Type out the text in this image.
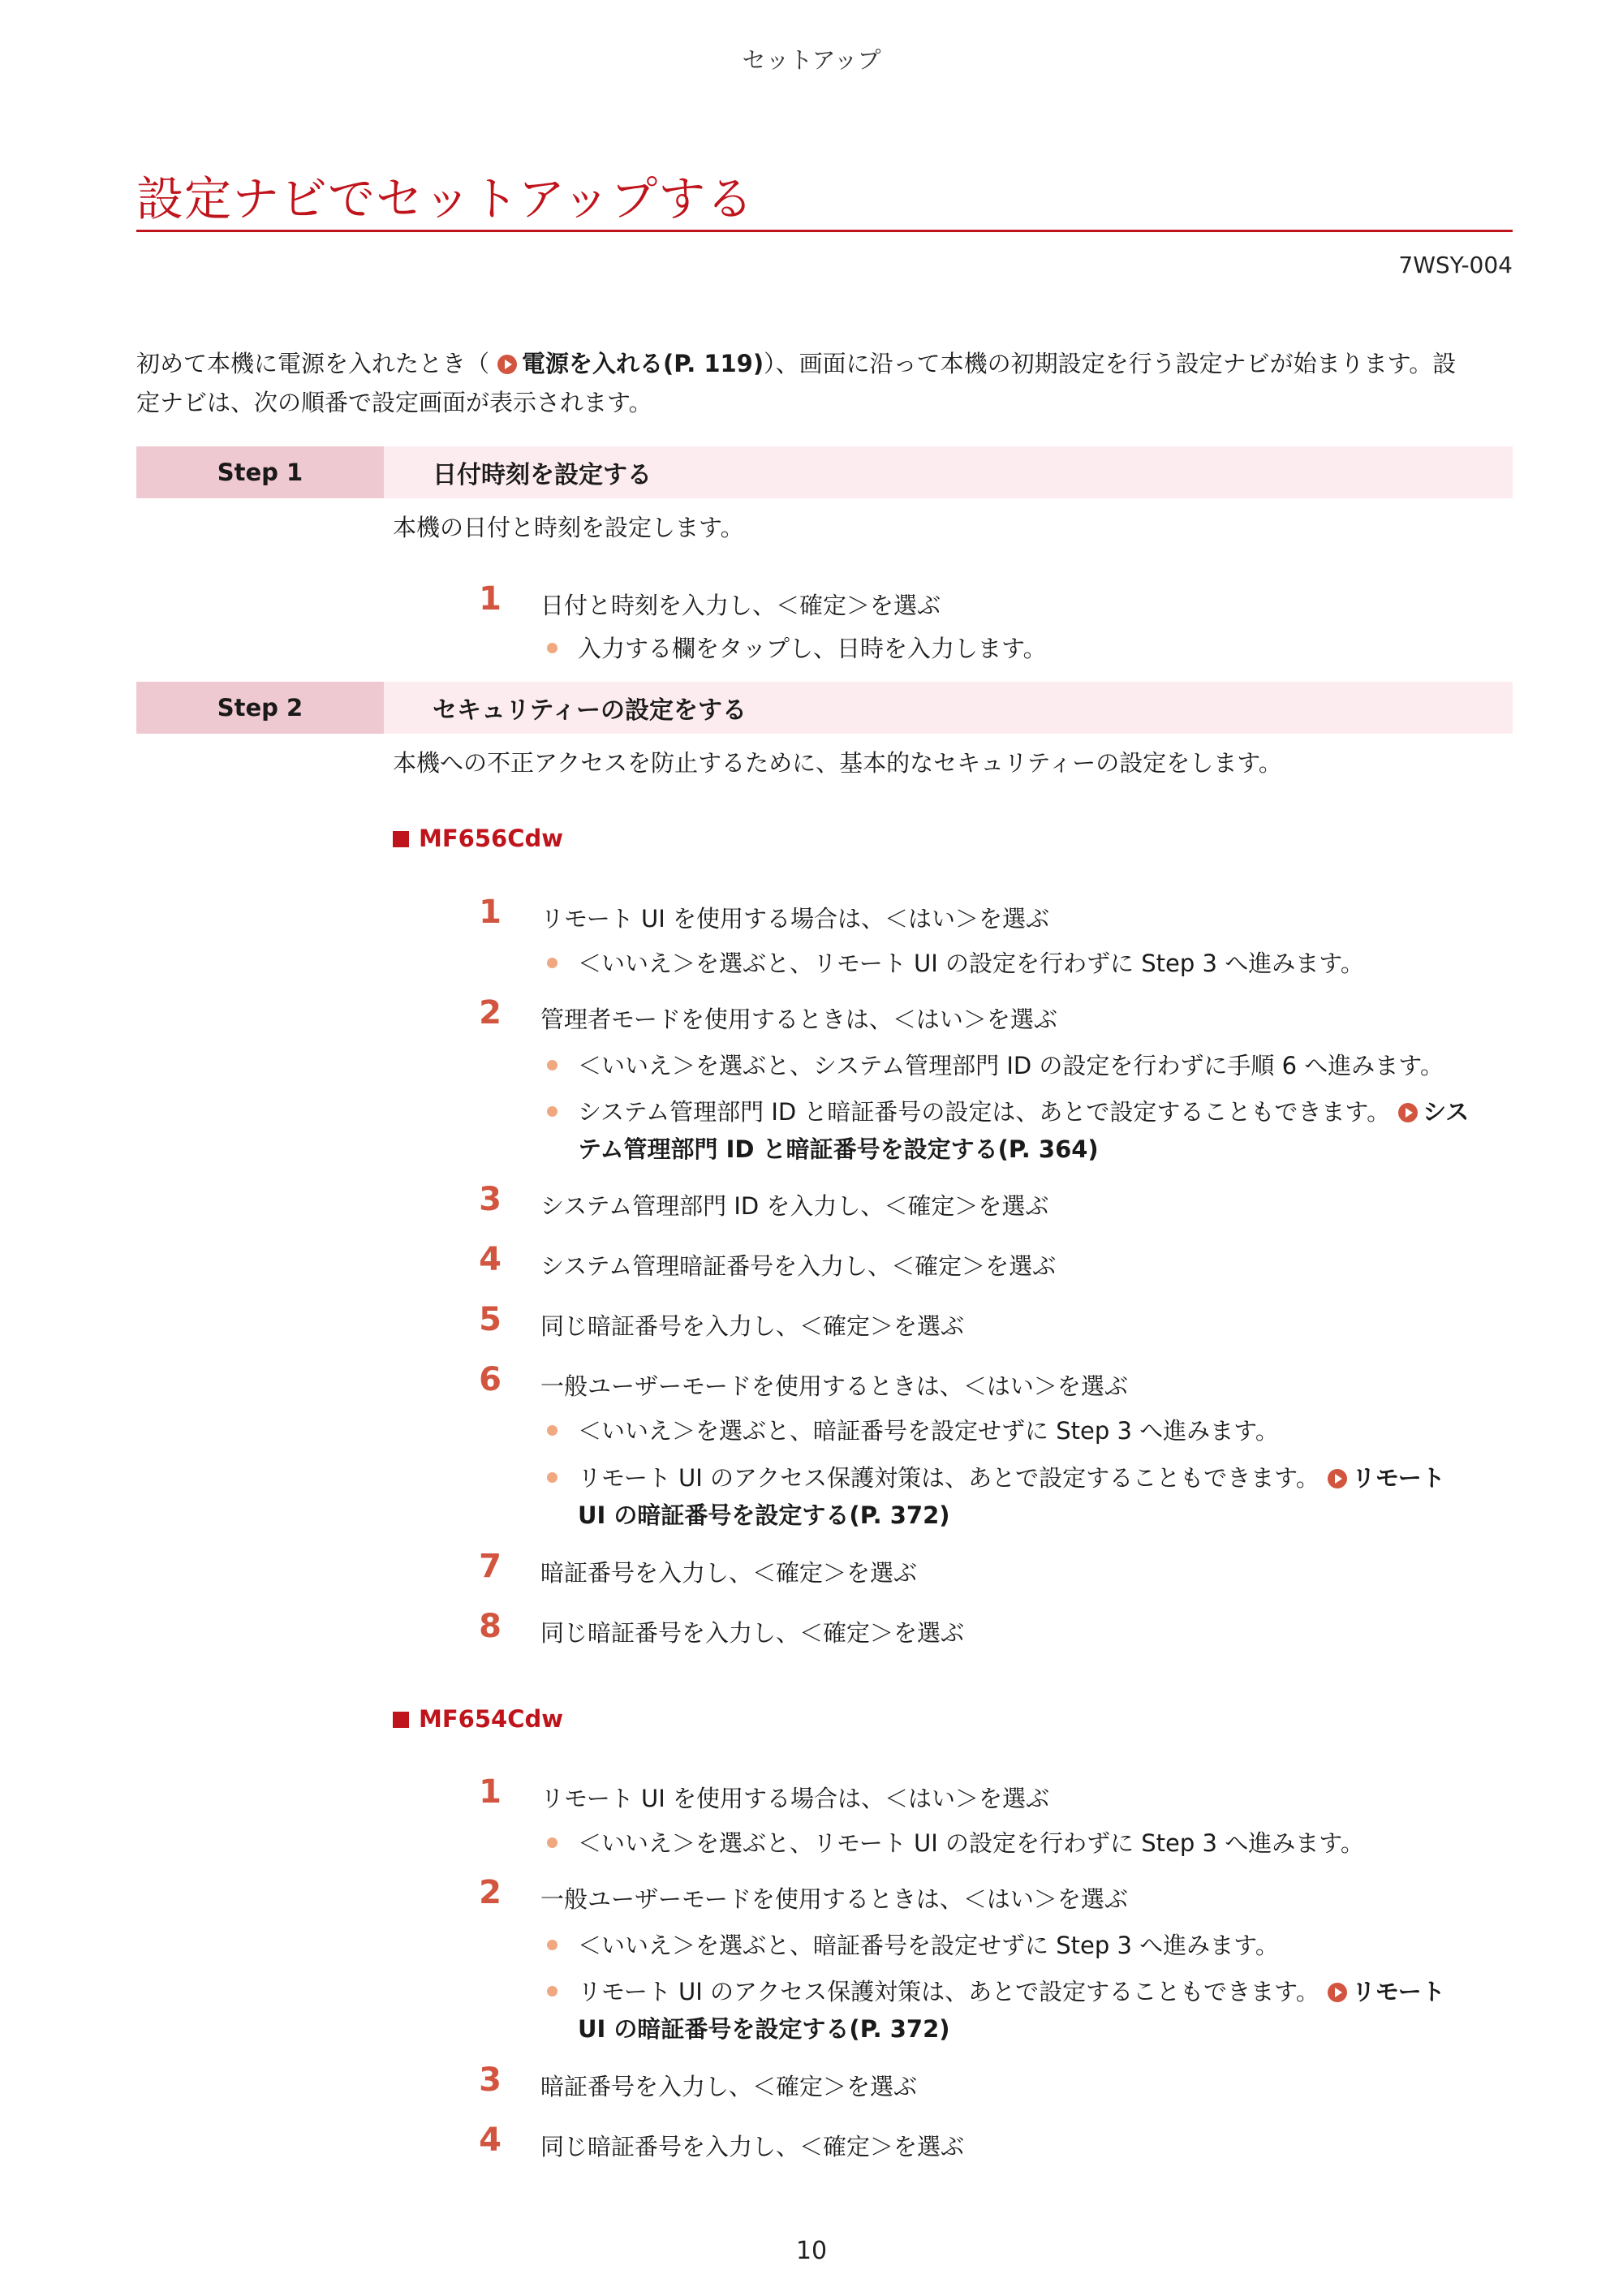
セットアップ
設定ナビでセットアップする
7WSY-004
初めて本機に電源を入れたとき（ 電源を入れる(P. 119)）、画面に沿って本機の初期設定を行う設定ナビが始まります。設
定ナビは、次の順番で設定画面が表示されます。
Step 1	日付時刻を設定する
本機の日付と時刻を設定します。
1 日付と時刻を入力し、＜確定＞を選ぶ
入力する欄をタップし、日時を入力します。
Step 2	セキュリティーの設定をする
本機への不正アクセスを防止するために、基本的なセキュリティーの設定をします。
MF656Cdw
1 リモート UI を使用する場合は、＜はい＞を選ぶ
＜いいえ＞を選ぶと、リモート UI の設定を行わずに Step 3 へ進みます。
2 管理者モードを使用するときは、＜はい＞を選ぶ
＜いいえ＞を選ぶと、システム管理部門 ID の設定を行わずに手順 6 へ進みます。
システム管理部門 ID と暗証番号の設定は、あとで設定することもできます。 シス
テム管理部門 ID と暗証番号を設定する(P. 364)
3 システム管理部門 ID を入力し、＜確定＞を選ぶ
4 システム管理暗証番号を入力し、＜確定＞を選ぶ
5 同じ暗証番号を入力し、＜確定＞を選ぶ
6 一般ユーザーモードを使用するときは、＜はい＞を選ぶ
＜いいえ＞を選ぶと、暗証番号を設定せずに Step 3 へ進みます。
リモート UI のアクセス保護対策は、あとで設定することもできます。 リモート
UI の暗証番号を設定する(P. 372)
7 暗証番号を入力し、＜確定＞を選ぶ
8 同じ暗証番号を入力し、＜確定＞を選ぶ
MF654Cdw
1 リモート UI を使用する場合は、＜はい＞を選ぶ
＜いいえ＞を選ぶと、リモート UI の設定を行わずに Step 3 へ進みます。
2 一般ユーザーモードを使用するときは、＜はい＞を選ぶ
＜いいえ＞を選ぶと、暗証番号を設定せずに Step 3 へ進みます。
リモート UI のアクセス保護対策は、あとで設定することもできます。 リモート
UI の暗証番号を設定する(P. 372)
3 暗証番号を入力し、＜確定＞を選ぶ
4 同じ暗証番号を入力し、＜確定＞を選ぶ
10
